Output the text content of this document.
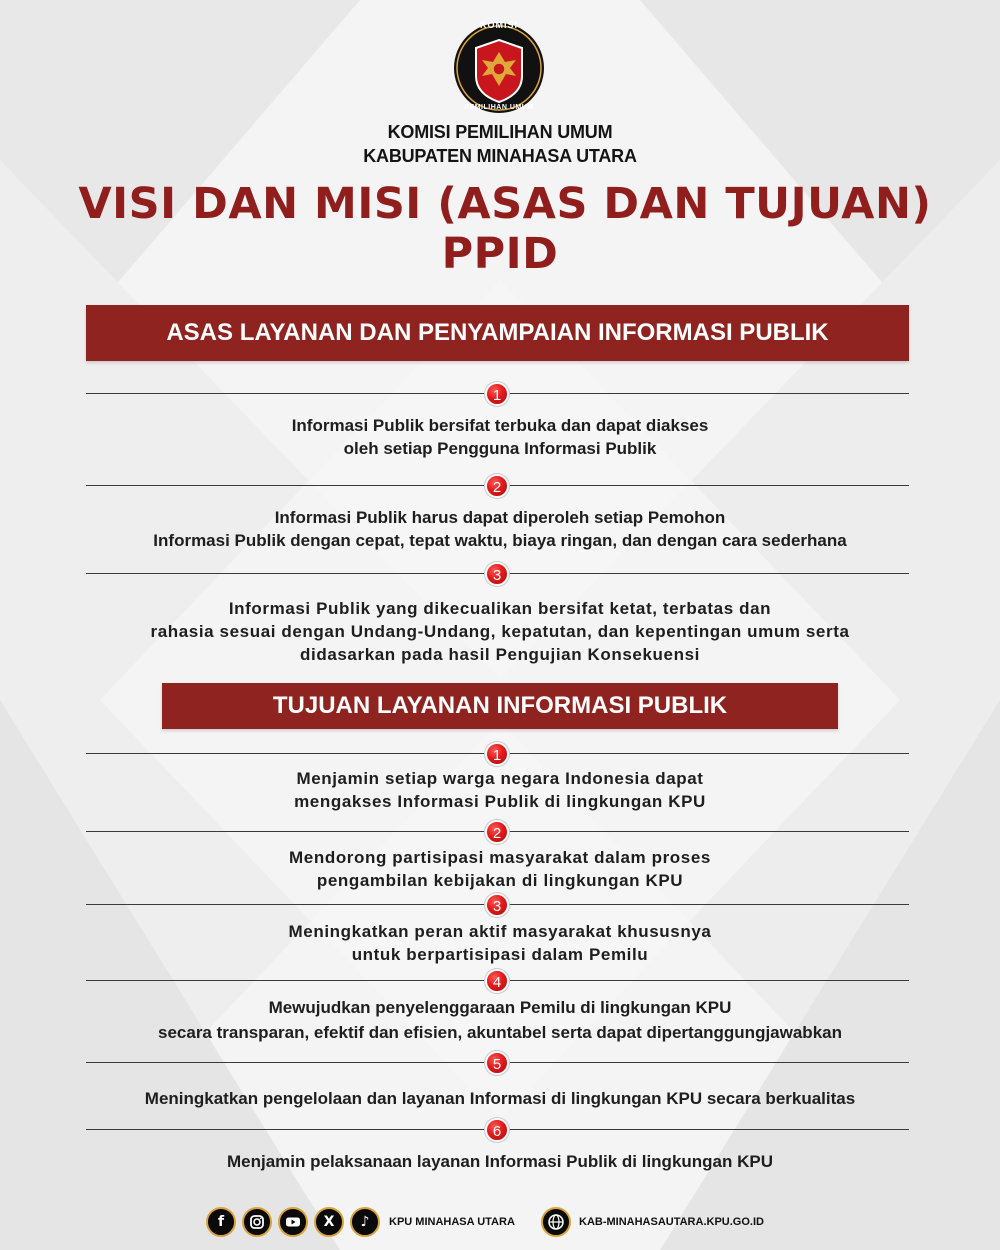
KOMISI
PEMILIHAN UMUM
KOMISI PEMILIHAN UMUM
KABUPATEN MINAHASA UTARA
VISI DAN MISI (ASAS DAN TUJUAN)
PPID
ASAS LAYANAN DAN PENYAMPAIAN INFORMASI PUBLIK
1
Informasi Publik bersifat terbuka dan dapat diakses
oleh setiap Pengguna Informasi Publik
2
Informasi Publik harus dapat diperoleh setiap Pemohon
Informasi Publik dengan cepat, tepat waktu, biaya ringan, dan dengan cara sederhana
3
Informasi Publik yang dikecualikan bersifat ketat, terbatas dan
rahasia sesuai dengan Undang-Undang, kepatutan, dan kepentingan umum serta
didasarkan pada hasil Pengujian Konsekuensi
TUJUAN LAYANAN INFORMASI PUBLIK
1
Menjamin setiap warga negara Indonesia dapat
mengakses Informasi Publik di lingkungan KPU
2
Mendorong partisipasi masyarakat dalam proses
pengambilan kebijakan di lingkungan KPU
3
Meningkatkan peran aktif masyarakat khususnya
untuk berpartisipasi dalam Pemilu
4
Mewujudkan penyelenggaraan Pemilu di lingkungan KPU
secara transparan, efektif dan efisien, akuntabel serta dapat dipertanggungjawabkan
5
Meningkatkan pengelolaan dan layanan Informasi di lingkungan KPU secara berkualitas
6
Menjamin pelaksanaan layanan Informasi Publik di lingkungan KPU
f	X	♪	KPU MINAHASA UTARA	KAB-MINAHASAUTARA.KPU.GO.ID
